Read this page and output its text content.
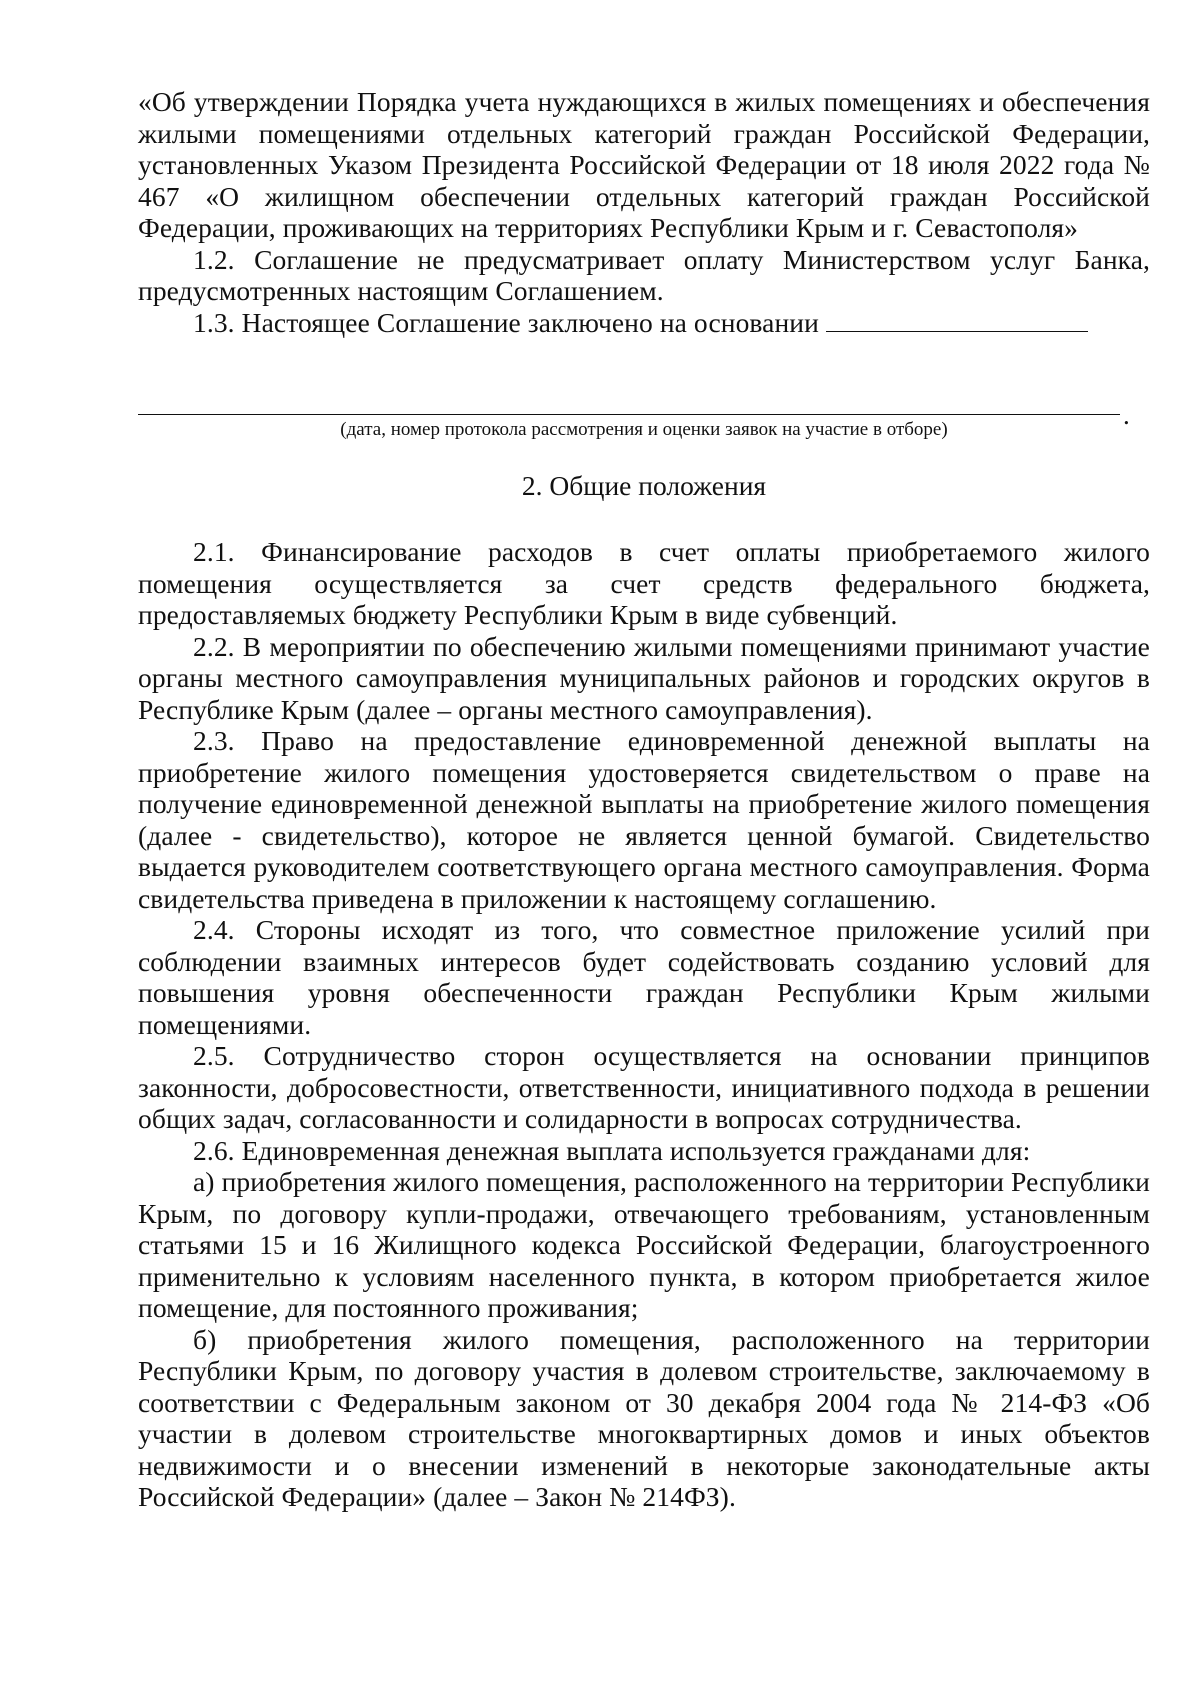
«Об утверждении Порядка учета нуждающихся в жилых помещениях и обеспечения жилыми помещениями отдельных категорий граждан Российской Федерации, установленных Указом Президента Российской Федерации от 18 июля 2022 года № 467 «О жилищном обеспечении отдельных категорий граждан Российской Федерации, проживающих на территориях Республики Крым и г. Севастополя»

1.2. Соглашение не предусматривает оплату Министерством услуг Банка, предусмотренных настоящим Соглашением.

1.3. Настоящее Соглашение заключено на основании

.
(дата, номер протокола рассмотрения и оценки заявок на участие в отборе)
2. Общие положения

2.1. Финансирование расходов в счет оплаты приобретаемого жилого помещения осуществляется за счет средств федерального бюджета, предоставляемых бюджету Республики Крым в виде субвенций.

2.2. В мероприятии по обеспечению жилыми помещениями принимают участие органы местного самоуправления муниципальных районов и городских округов в Республике Крым (далее – органы местного самоуправления).

2.3. Право на предоставление единовременной денежной выплаты на приобретение жилого помещения удостоверяется свидетельством о праве на получение единовременной денежной выплаты на приобретение жилого помещения (далее - свидетельство), которое не является ценной бумагой. Свидетельство выдается руководителем соответствующего органа местного самоуправления. Форма свидетельства приведена в приложении к настоящему соглашению.

2.4. Стороны исходят из того, что совместное приложение усилий при соблюдении взаимных интересов будет содействовать созданию условий для повышения уровня обеспеченности граждан Республики Крым жилыми помещениями.

2.5. Сотрудничество сторон осуществляется на основании принципов законности, добросовестности, ответственности, инициативного подхода в решении общих задач, согласованности и солидарности в вопросах сотрудничества.

2.6. Единовременная денежная выплата используется гражданами для:

а) приобретения жилого помещения, расположенного на территории Республики Крым, по договору купли-продажи, отвечающего требованиям, установленным статьями 15 и 16 Жилищного кодекса Российской Федерации, благоустроенного применительно к условиям населенного пункта, в котором приобретается жилое помещение, для постоянного проживания;

б) приобретения жилого помещения, расположенного на территории Республики Крым, по договору участия в долевом строительстве, заключаемому в соответствии с Федеральным законом от 30 декабря 2004 года № 214-ФЗ «Об участии в долевом строительстве многоквартирных домов и иных объектов недвижимости и о внесении изменений в некоторые законодательные акты Российской Федерации» (далее – Закон № 214ФЗ).
